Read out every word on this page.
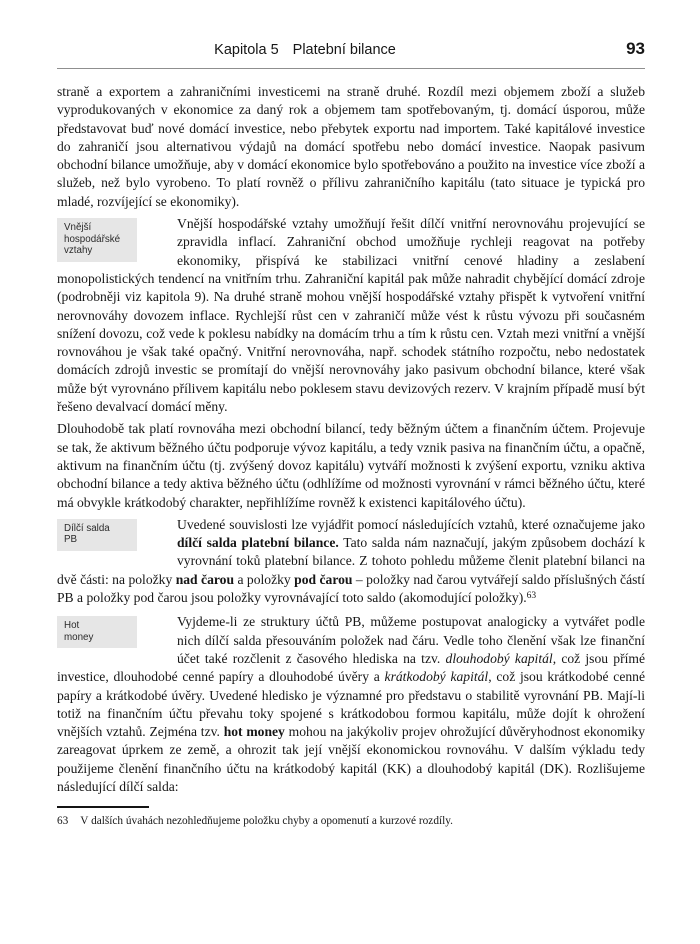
Kapitola 5 Platební bilance	93

straně a exportem a zahraničními investicemi na straně druhé. Rozdíl mezi objemem zboží a služeb vyprodukovaných v ekonomice za daný rok a objemem tam spotřebovaným, tj. domácí úsporou, může představovat buď nové domácí investice, nebo přebytek exportu nad importem. Také kapitálové investice do zahraničí jsou alternativou výdajů na domácí spotřebu nebo domácí investice. Naopak pasivum obchodní bilance umožňuje, aby v domácí ekonomice bylo spotřebováno a použito na investice více zboží a služeb, než bylo vyrobeno. To platí rovněž o přílivu zahraničního kapitálu (tato situace je typická pro mladé, rozvíjející se ekonomiky).

Vnější
hospodářské
vztahy
Vnější hospodářské vztahy umožňují řešit dílčí vnitřní nerovnováhu projevující se zpravidla inflací. Zahraniční obchod umožňuje rychleji reagovat na potřeby ekonomiky, přispívá ke stabilizaci vnitřní cenové hladiny a zeslabení monopolistických tendencí na vnitřním trhu. Zahraniční kapitál pak může nahradit chybějící domácí zdroje (podrobněji viz kapitola 9). Na druhé straně mohou vnější hospodářské vztahy přispět k vytvoření vnitřní nerovnováhy dovozem inflace. Rychlejší růst cen v zahraničí může vést k růstu vývozu při současném snížení dovozu, což vede k poklesu nabídky na domácím trhu a tím k růstu cen. Vztah mezi vnitřní a vnější rovnováhou je však také opačný. Vnitřní nerovnováha, např. schodek státního rozpočtu, nebo nedostatek domácích zdrojů investic se promítají do vnější nerovnováhy jako pasivum obchodní bilance, které však může být vyrovnáno přílivem kapitálu nebo poklesem stavu devizových rezerv. V krajním případě musí být řešeno devalvací domácí měny.

Dlouhodobě tak platí rovnováha mezi obchodní bilancí, tedy běžným účtem a finančním účtem. Projevuje se tak, že aktivum běžného účtu podporuje vývoz kapitálu, a tedy vznik pasiva na finančním účtu, a opačně, aktivum na finančním účtu (tj. zvýšený dovoz kapitálu) vytváří možnosti k zvýšení exportu, vzniku aktiva obchodní bilance a tedy aktiva běžného účtu (odhlížíme od možnosti vyrovnání v rámci běžného účtu, které má obvykle krátkodobý charakter, nepřihlížíme rovněž k existenci kapitálového účtu).

Dílčí salda
PB
Uvedené souvislosti lze vyjádřit pomocí následujících vztahů, které označujeme jako dílčí salda platební bilance. Tato salda nám naznačují, jakým způsobem dochází k vyrovnání toků platební bilance. Z tohoto pohledu můžeme členit platební bilanci na dvě části: na položky nad čarou a položky pod čarou – položky nad čarou vytvářejí saldo příslušných částí PB a položky pod čarou jsou položky vyrovnávající toto saldo (akomodující položky).$^{63}$

Hot
money
Vyjdeme-li ze struktury účtů PB, můžeme postupovat analogicky a vytvářet podle nich dílčí salda přesouváním položek nad čáru. Vedle toho členění však lze finanční účet také rozčlenit z časového hlediska na tzv. dlouhodobý kapitál, což jsou přímé investice, dlouhodobé cenné papíry a dlouhodobé úvěry a krátkodobý kapitál, což jsou krátkodobé cenné papíry a krátkodobé úvěry. Uvedené hledisko je významné pro představu o stabilitě vyrovnání PB. Mají-li totiž na finančním účtu převahu toky spojené s krátkodobou formou kapitálu, může dojít k ohrožení vnějších vztahů. Zejména tzv. hot money mohou na jakýkoliv projev ohrožující důvěryhodnost ekonomiky zareagovat úprkem ze země, a ohrozit tak její vnější ekonomickou rovnováhu. V dalším výkladu tedy použijeme členění finančního účtu na krátkodobý kapitál (KK) a dlouhodobý kapitál (DK). Rozlišujeme následující dílčí salda:

63 V dalších úvahách nezohledňujeme položku chyby a opomenutí a kurzové rozdíly.
